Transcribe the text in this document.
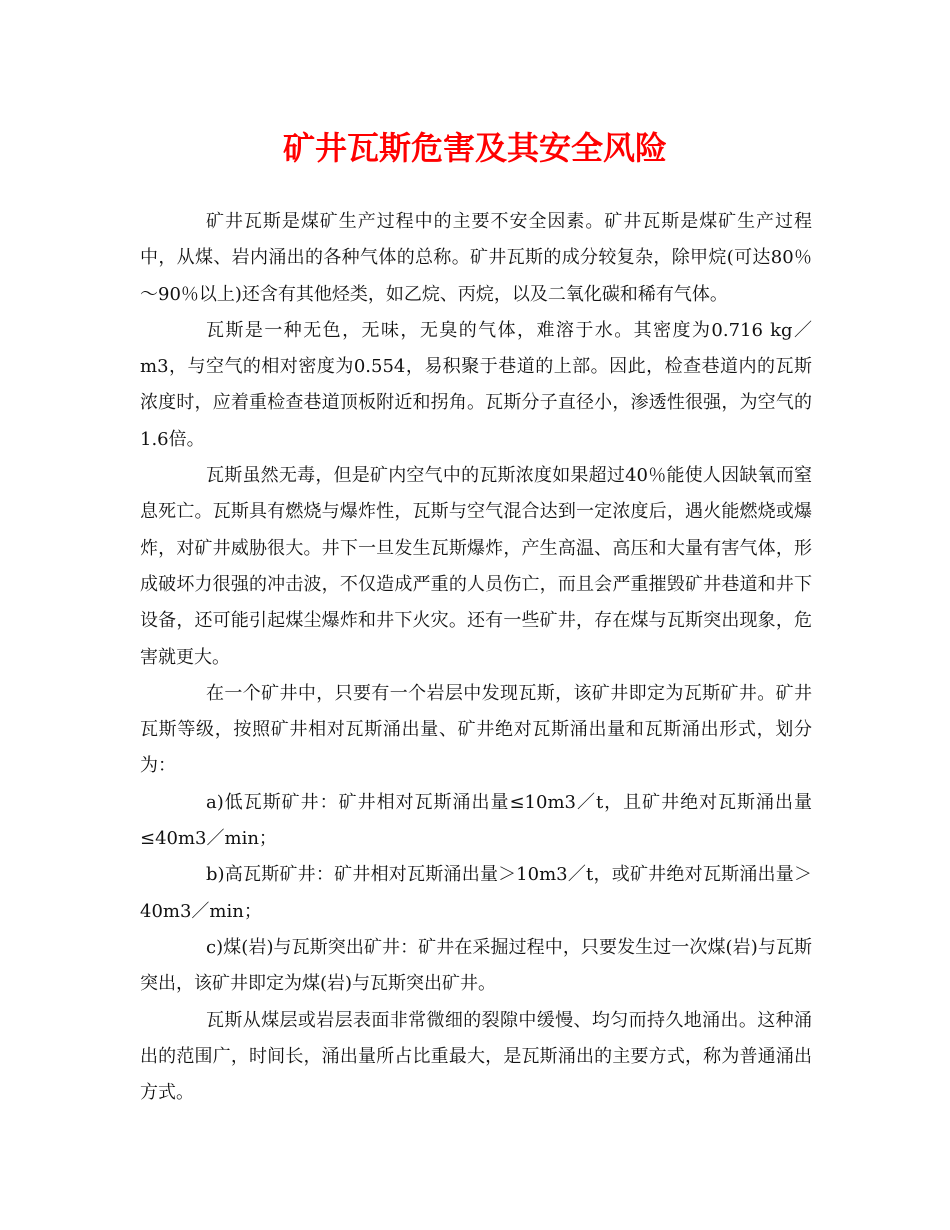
矿井瓦斯危害及其安全风险

矿井瓦斯是煤矿生产过程中的主要不安全因素。矿井瓦斯是煤矿生产过程中，从煤、岩内涌出的各种气体的总称。矿井瓦斯的成分较复杂，除甲烷(可达80％～90％以上)还含有其他烃类，如乙烷、丙烷，以及二氧化碳和稀有气体。

瓦斯是一种无色，无味，无臭的气体，难溶于水。其密度为0.716 kg／m3，与空气的相对密度为0.554，易积聚于巷道的上部。因此，检查巷道内的瓦斯浓度时，应着重检查巷道顶板附近和拐角。瓦斯分子直径小，渗透性很强，为空气的1.6倍。

瓦斯虽然无毒，但是矿内空气中的瓦斯浓度如果超过40％能使人因缺氧而窒息死亡。瓦斯具有燃烧与爆炸性，瓦斯与空气混合达到一定浓度后，遇火能燃烧或爆炸，对矿井威胁很大。井下一旦发生瓦斯爆炸，产生高温、高压和大量有害气体，形成破坏力很强的冲击波，不仅造成严重的人员伤亡，而且会严重摧毁矿井巷道和井下设备，还可能引起煤尘爆炸和井下火灾。还有一些矿井，存在煤与瓦斯突出现象，危害就更大。

在一个矿井中，只要有一个岩层中发现瓦斯，该矿井即定为瓦斯矿井。矿井瓦斯等级，按照矿井相对瓦斯涌出量、矿井绝对瓦斯涌出量和瓦斯涌出形式，划分为：

a)低瓦斯矿井：矿井相对瓦斯涌出量≤10m3／t，且矿井绝对瓦斯涌出量≤40m3／min；

b)高瓦斯矿井：矿井相对瓦斯涌出量＞10m3／t，或矿井绝对瓦斯涌出量＞40m3／min；

c)煤(岩)与瓦斯突出矿井：矿井在采掘过程中，只要发生过一次煤(岩)与瓦斯突出，该矿井即定为煤(岩)与瓦斯突出矿井。

瓦斯从煤层或岩层表面非常微细的裂隙中缓慢、均匀而持久地涌出。这种涌出的范围广，时间长，涌出量所占比重最大，是瓦斯涌出的主要方式，称为普通涌出方式。
